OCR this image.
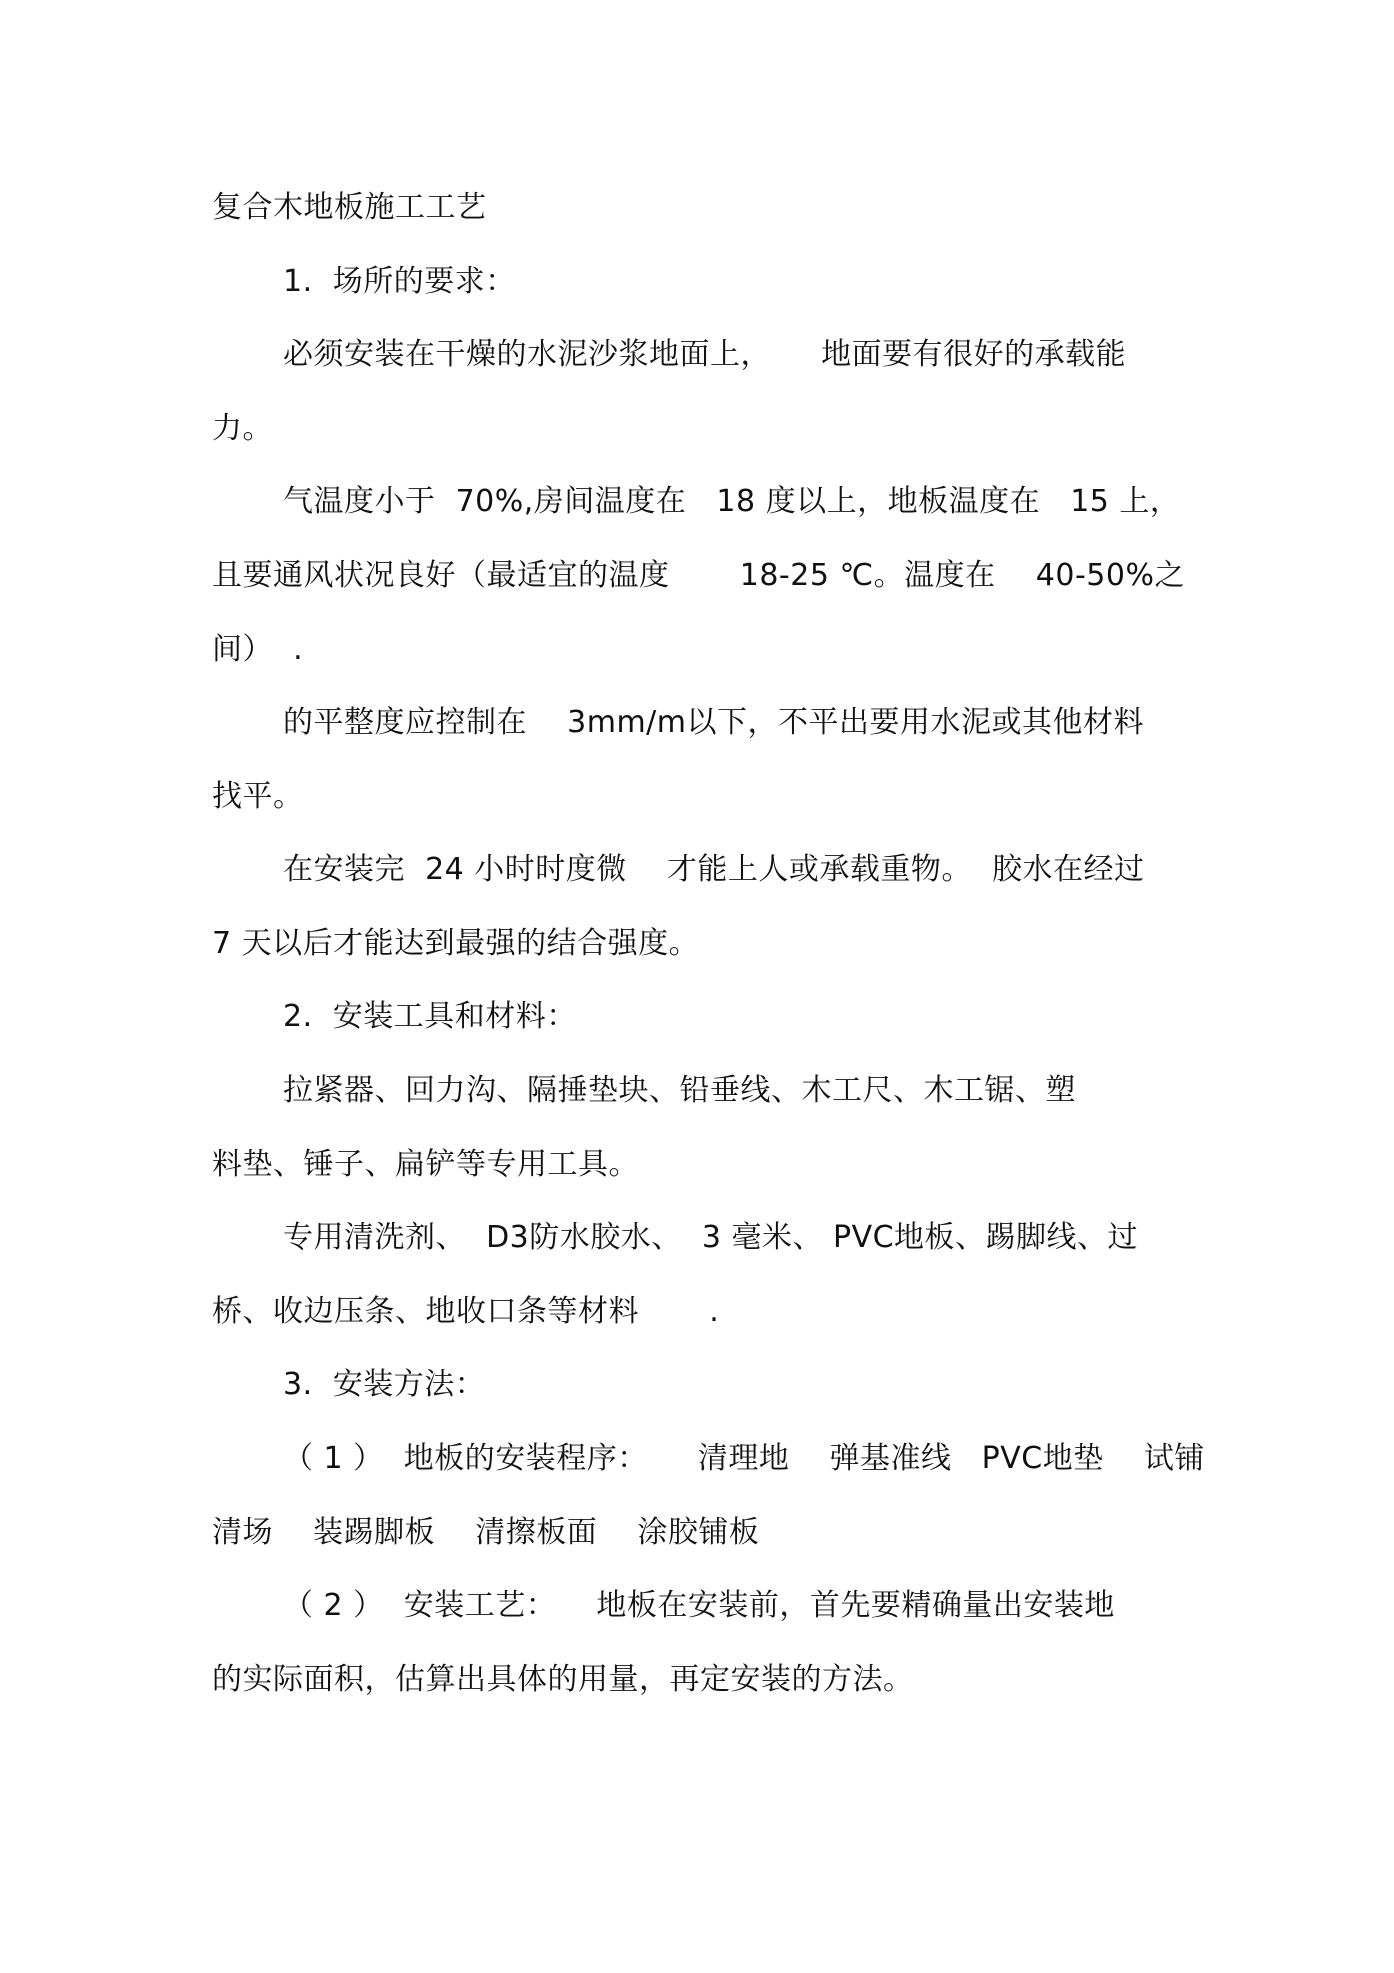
复合木地板施工工艺
1.  场所的要求：
必须安装在干燥的水泥沙浆地面上，     地面要有很好的承载能
力。
气温度小于  70%,房间温度在   18 度以上，地板温度在   15 上，
且要通风状况良好（最适宜的温度       18-25 ℃。温度在    40-50%之
间）  .
的平整度应控制在    3mm/m以下，不平出要用水泥或其他材料
找平。
在安装完  24 小时时度微    才能上人或承载重物。  胶水在经过
7 天以后才能达到最强的结合强度。
2.  安装工具和材料：
拉紧器、回力沟、隔捶垫块、铅垂线、木工尺、木工锯、塑
料垫、锤子、扁铲等专用工具。
专用清洗剂、  D3防水胶水、  3 毫米、 PVC地板、踢脚线、过
桥、收边压条、地收口条等材料       .
3.  安装方法：
（ 1 ）  地板的安装程序：     清理地    弹基准线   PVC地垫    试铺
清场    装踢脚板    清擦板面    涂胶铺板
（ 2 ）  安装工艺：    地板在安装前，首先要精确量出安装地
的实际面积，估算出具体的用量，再定安装的方法。
